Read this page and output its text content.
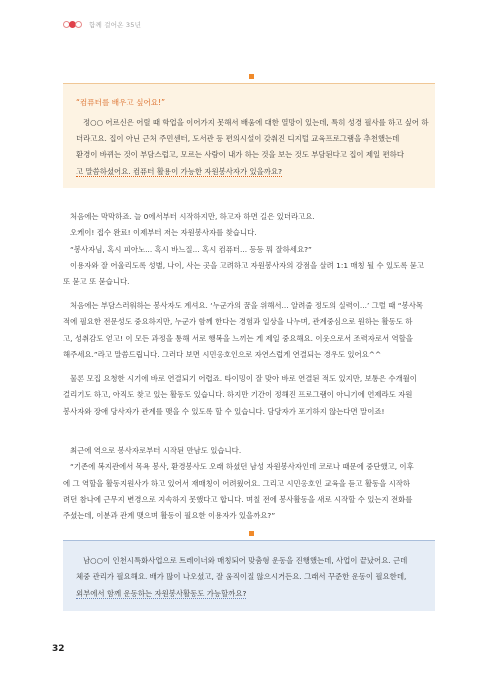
함께 걸어온 35년
“컴퓨터를 배우고 싶어요!”
정○○ 어르신은 어릴 때 학업을 이어가지 못해서 배움에 대한 열망이 있는데, 특히 성경 필사를 하고 싶어 하
더라고요. 집이 아닌 근처 주민센터, 도서관 등 편의시설이 갖춰진 디지털 교육프로그램을 추천했는데
환경이 바뀌는 것이 부담스럽고, 모르는 사람이 내가 하는 것을 보는 것도 부담된다고 집이 제일 편하다
고 말씀하셨어요. 컴퓨터 활용이 가능한 자원봉사자가 있을까요?
처음에는 막막하죠. 늘 0에서부터 시작하지만, 하고자 하면 길은 있더라고요.
오케이! 접수 완료! 이제부터 저는 자원봉사자를 찾습니다.
“봉사자님, 혹시 피아노... 혹시 바느질... 혹시 컴퓨터... 등등 뭐 잘하세요?”
이용자와 잘 어울리도록 성별, 나이, 사는 곳을 고려하고 자원봉사자의 강점을 살려 1:1 매칭 될 수 있도록 묻고
또 묻고 또 묻습니다.
처음에는 부담스러워하는 봉사자도 계셔요. ‘누군가의 꿈을 위해서... 알려줄 정도의 실력이...’ 그럴 때 “봉사목
적에 필요한 전문성도 중요하지만, 누군가 함께 한다는 경험과 일상을 나누며, 관계중심으로 원하는 활동도 하
고, 성취감도 얻고! 이 모든 과정을 통해 서로 행복을 느끼는 게 제일 중요해요. 이웃으로서 조력자로서 역할을
해주세요.”라고 말씀드립니다. 그러다 보면 시민옹호인으로 자연스럽게 연결되는 경우도 있어요^^
물론 모집 요청한 시기에 바로 연결되기 어렵죠. 타이밍이 잘 맞아 바로 연결된 적도 있지만, 보통은 수개월이
걸리기도 하고, 아직도 찾고 있는 활동도 있습니다. 하지만 기간이 정해진 프로그램이 아니기에 언제라도 자원
봉사자와 장애 당사자가 관계를 맺을 수 있도록 할 수 있습니다. 담당자가 포기하지 않는다면 말이죠!
최근에 역으로 봉사자로부터 시작된 만남도 있습니다.
“기존에 복지관에서 목욕 봉사, 환경봉사도 오래 하셨던 남성 자원봉사자인데 코로나 때문에 중단했고, 이후
에 그 역할을 활동지원사가 하고 있어서 재매칭이 어려웠어요. 그리고 시민옹호인 교육을 듣고 활동을 시작하
려던 참나에 근무지 변경으로 지속하지 못했다고 합니다. 며칠 전에 봉사활동을 새로 시작할 수 있는지 전화를
주셨는데, 이분과 관계 맺으며 활동이 필요한 이용자가 있을까요?”
남○○이 인천시특화사업으로 트레이너와 매칭되어 맞춤형 운동을 진행했는데, 사업이 끝났어요. 근데
체중 관리가 필요해요. 배가 많이 나오셨고, 잘 움직이질 않으시거든요. 그래서 꾸준한 운동이 필요한데,
외부에서 함께 운동하는 자원봉사활동도 가능할까요?
32
